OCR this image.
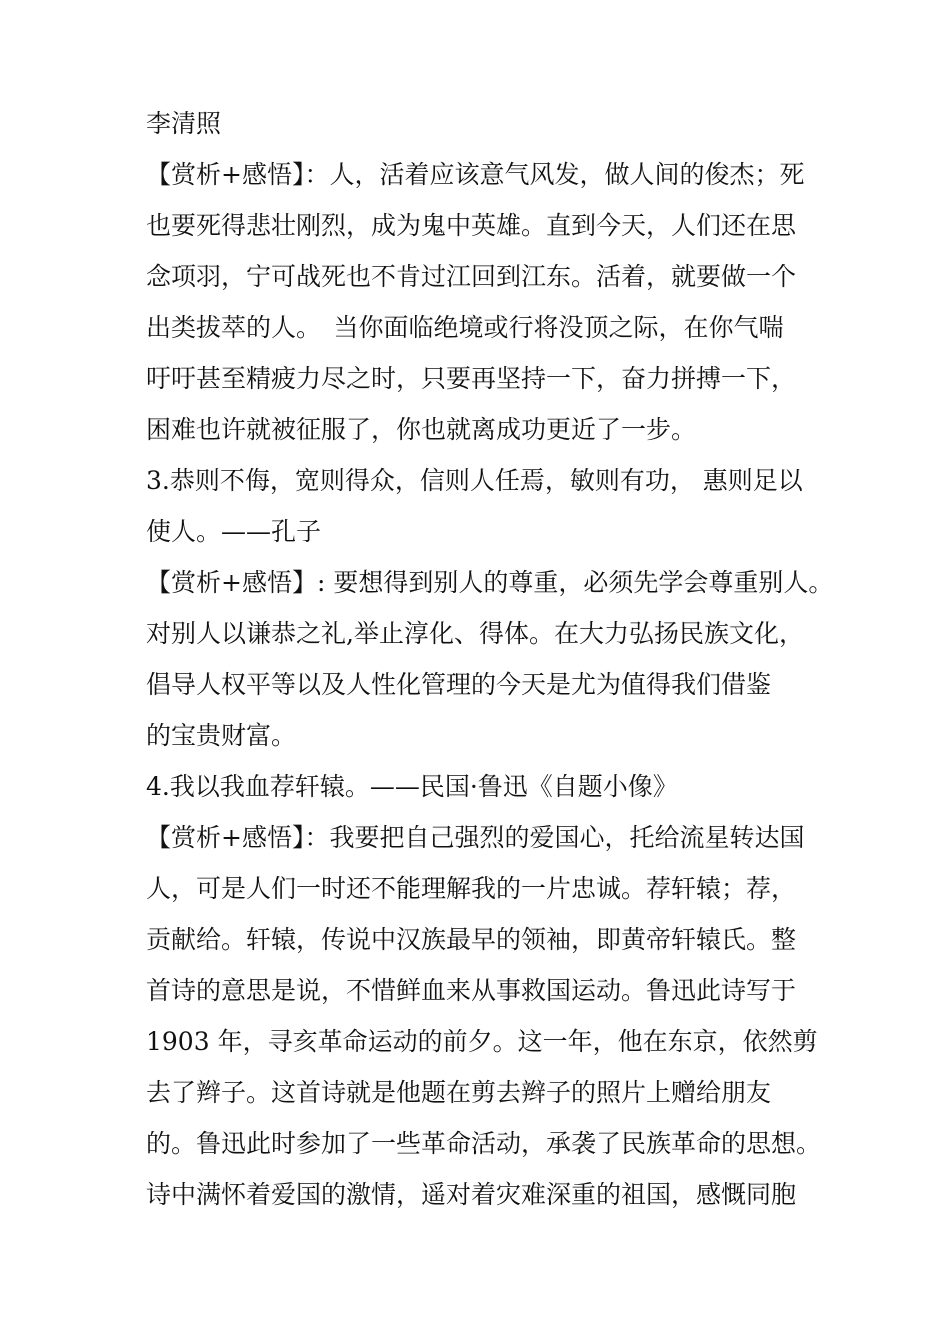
李清照
【赏析+感悟】：人，活着应该意气风发，做人间的俊杰；死
也要死得悲壮刚烈，成为鬼中英雄。直到今天，人们还在思
念项羽，宁可战死也不肯过江回到江东。活着，就要做一个
出类拔萃的人。　当你面临绝境或行将没顶之际，在你气喘
吁吁甚至精疲力尽之时，只要再坚持一下，奋力拼搏一下，
困难也许就被征服了，你也就离成功更近了一步。
3.恭则不侮，宽则得众，信则人任焉，敏则有功， 惠则足以
使人。——孔子
【赏析+感悟】: 要想得到别人的尊重，必须先学会尊重别人。
对别人以谦恭之礼,举止淳化、得体。在大力弘扬民族文化，
倡导人权平等以及人性化管理的今天是尤为值得我们借鉴
的宝贵财富。
4.我以我血荐轩辕。——民国·鲁迅《自题小像》
【赏析+感悟】：我要把自己强烈的爱国心，托给流星转达国
人，可是人们一时还不能理解我的一片忠诚。荐轩辕；荐，
贡献给。轩辕，传说中汉族最早的领袖，即黄帝轩辕氏。整
首诗的意思是说，不惜鲜血来从事救国运动。鲁迅此诗写于
1903 年，寻亥革命运动的前夕。这一年，他在东京，依然剪
去了辫子。这首诗就是他题在剪去辫子的照片上赠给朋友
的。鲁迅此时参加了一些革命活动，承袭了民族革命的思想。
诗中满怀着爱国的激情，遥对着灾难深重的祖国，感慨同胞
